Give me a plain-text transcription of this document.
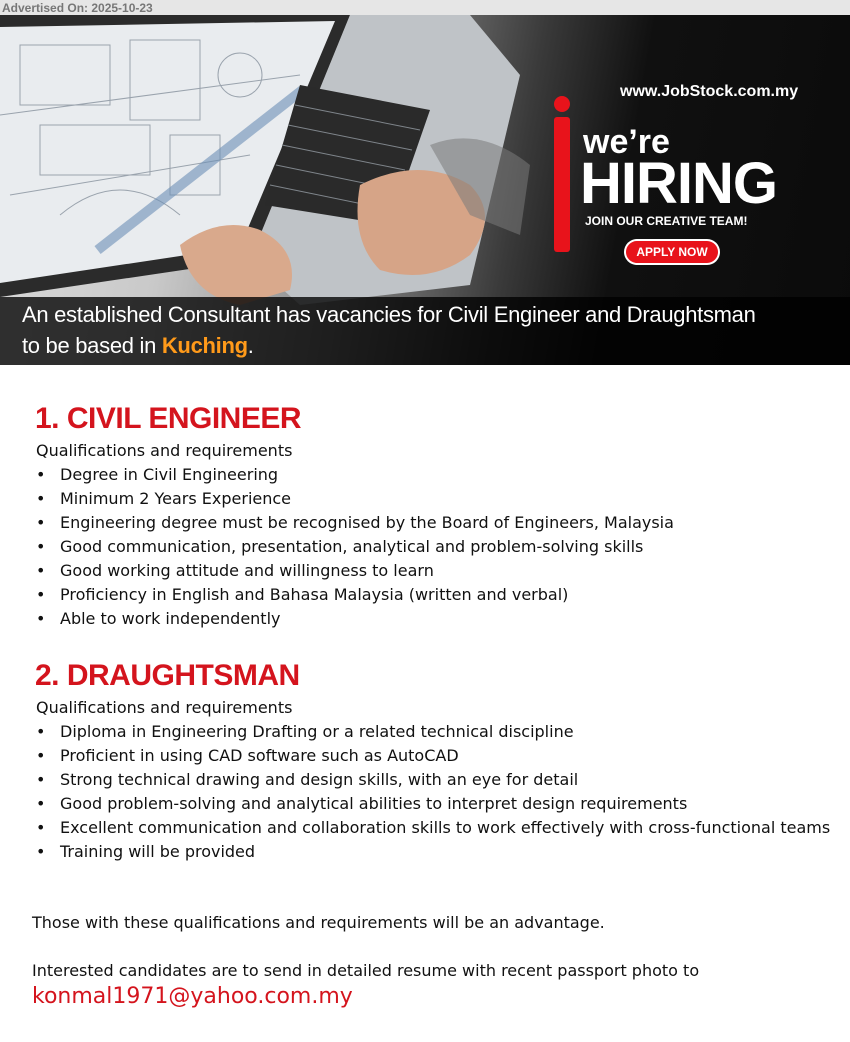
Advertised On: 2025-10-23
www.JobStock.com.my
we’re
HIRING
JOIN OUR CREATIVE TEAM!
APPLY NOW
An established Consultant has vacancies for Civil Engineer and Draughtsman
to be based in Kuching.
1. CIVIL ENGINEER
Qualifications and requirements
• Degree in Civil Engineering
• Minimum 2 Years Experience
• Engineering degree must be recognised by the Board of Engineers, Malaysia
• Good communication, presentation, analytical and problem-solving skills
• Good working attitude and willingness to learn
• Proficiency in English and Bahasa Malaysia (written and verbal)
• Able to work independently
2. DRAUGHTSMAN
Qualifications and requirements
• Diploma in Engineering Drafting or a related technical discipline
• Proficient in using CAD software such as AutoCAD
• Strong technical drawing and design skills, with an eye for detail
• Good problem-solving and analytical abilities to interpret design requirements
• Excellent communication and collaboration skills to work effectively with cross-functional teams
• Training will be provided
Those with these qualifications and requirements will be an advantage.
Interested candidates are to send in detailed resume with recent passport photo to
konmal1971@yahoo.com.my
